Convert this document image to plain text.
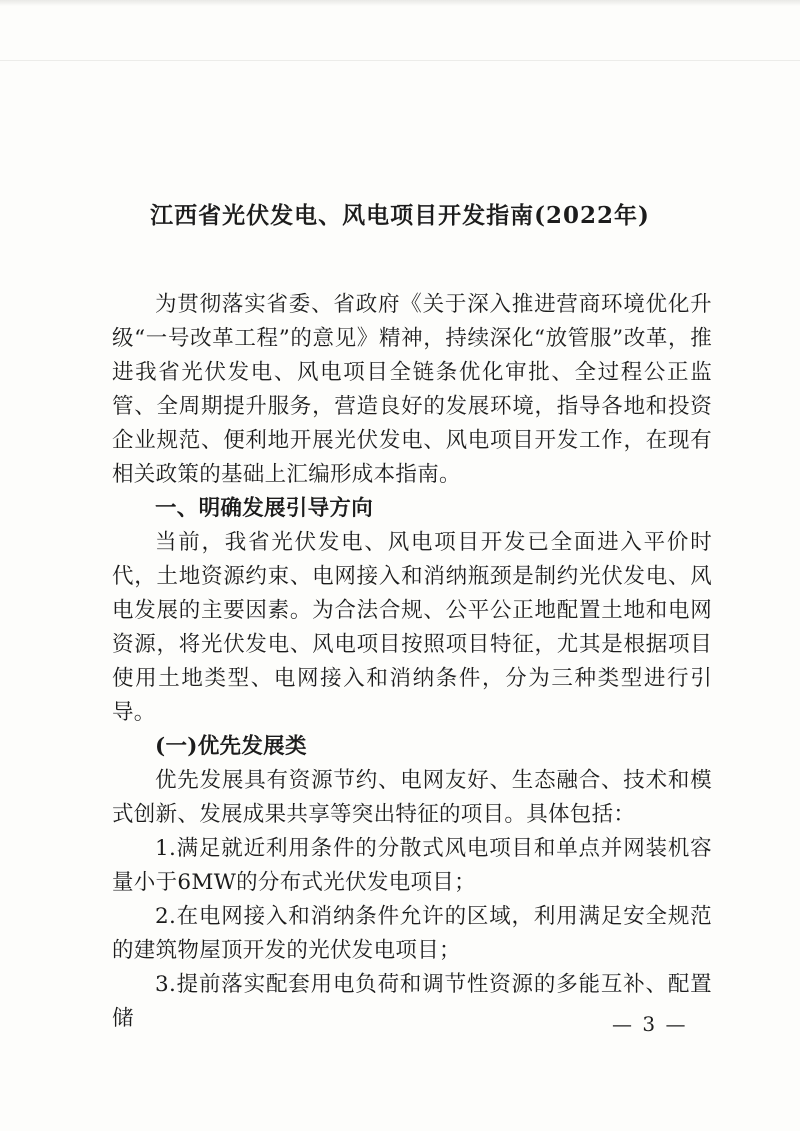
江西省光伏发电、风电项目开发指南(2022年)

为贯彻落实省委、省政府《关于深入推进营商环境优化升级“一号改革工程”的意见》精神，持续深化“放管服”改革，推进我省光伏发电、风电项目全链条优化审批、全过程公正监管、全周期提升服务，营造良好的发展环境，指导各地和投资企业规范、便利地开展光伏发电、风电项目开发工作，在现有相关政策的基础上汇编形成本指南。

一、明确发展引导方向

当前，我省光伏发电、风电项目开发已全面进入平价时代，土地资源约束、电网接入和消纳瓶颈是制约光伏发电、风电发展的主要因素。为合法合规、公平公正地配置土地和电网资源，将光伏发电、风电项目按照项目特征，尤其是根据项目使用土地类型、电网接入和消纳条件，分为三种类型进行引导。

(一)优先发展类

优先发展具有资源节约、电网友好、生态融合、技术和模式创新、发展成果共享等突出特征的项目。具体包括：

1.满足就近利用条件的分散式风电项目和单点并网装机容量小于6MW的分布式光伏发电项目；

2.在电网接入和消纳条件允许的区域，利用满足安全规范的建筑物屋顶开发的光伏发电项目；

3.提前落实配套用电负荷和调节性资源的多能互补、配置储	— 3 —
